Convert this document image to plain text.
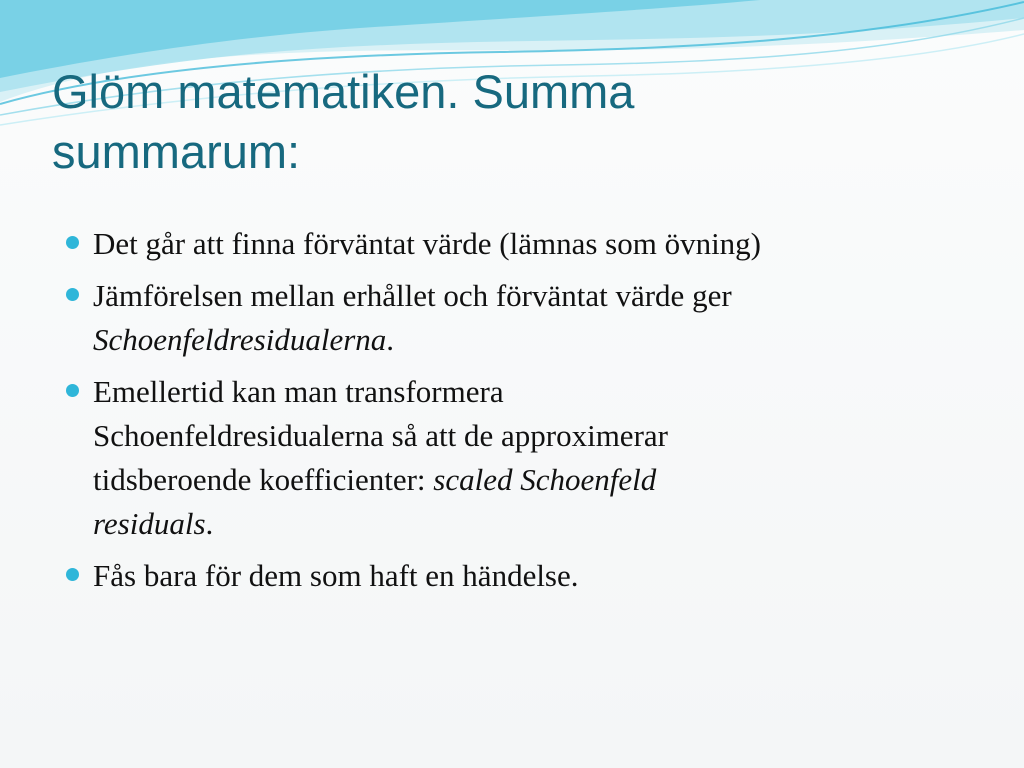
Glöm matematiken. Summa
summarum:
Det går att finna förväntat värde (lämnas som övning)
Jämförelsen mellan erhållet och förväntat värde ger
Schoenfeldresidualerna.
Emellertid kan man transformera
Schoenfeldresidualerna så att de approximerar
tidsberoende koefficienter: scaled Schoenfeld
residuals.
Fås bara för dem som haft en händelse.
